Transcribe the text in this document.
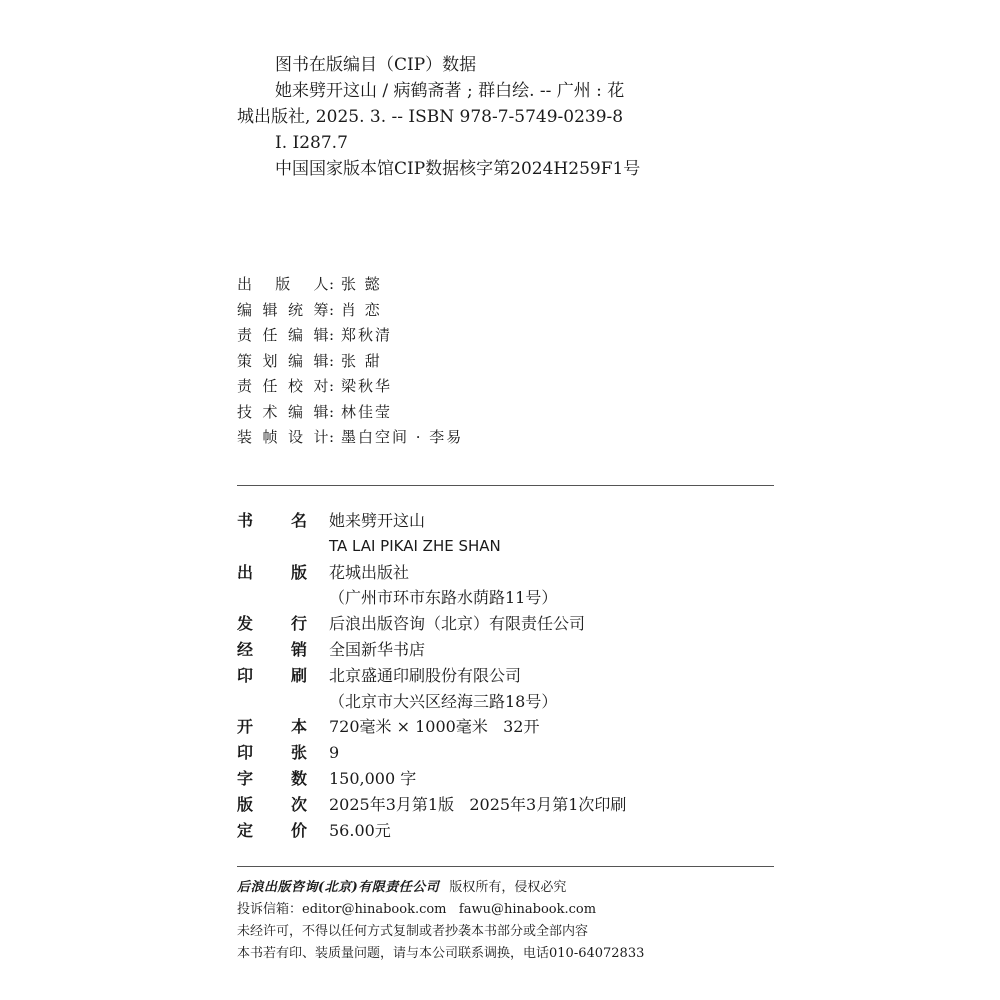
图书在版编目（CIP）数据
她来劈开这山 / 病鹤斋著 ; 群白绘. -- 广州 : 花
城出版社, 2025. 3. -- ISBN 978-7-5749-0239-8
Ⅰ. I287.7
中国国家版本馆CIP数据核字第2024H259F1号
出版人 : 张 懿
编辑统筹 : 肖 恋
责任编辑 : 郑秋清
策划编辑 : 张 甜
责任校对 : 梁秋华
技术编辑 : 林佳莹
装帧设计 : 墨白空间 · 李易
书 名 她来劈开这山
TA LAI PIKAI ZHE SHAN
出 版 花城出版社
（广州市环市东路水荫路11号）
发 行 后浪出版咨询（北京）有限责任公司
经 销 全国新华书店
印 刷 北京盛通印刷股份有限公司
（北京市大兴区经海三路18号）
开 本 720毫米 × 1000毫米   32开
印 张 9
字 数 150,000 字
版 次 2025年3月第1版   2025年3月第1次印刷
定 价 56.00元
后浪出版咨询(北京)有限责任公司 版权所有，侵权必究
投诉信箱：editor@hinabook.com   fawu@hinabook.com
未经许可，不得以任何方式复制或者抄袭本书部分或全部内容
本书若有印、装质量问题，请与本公司联系调换，电话010-64072833
